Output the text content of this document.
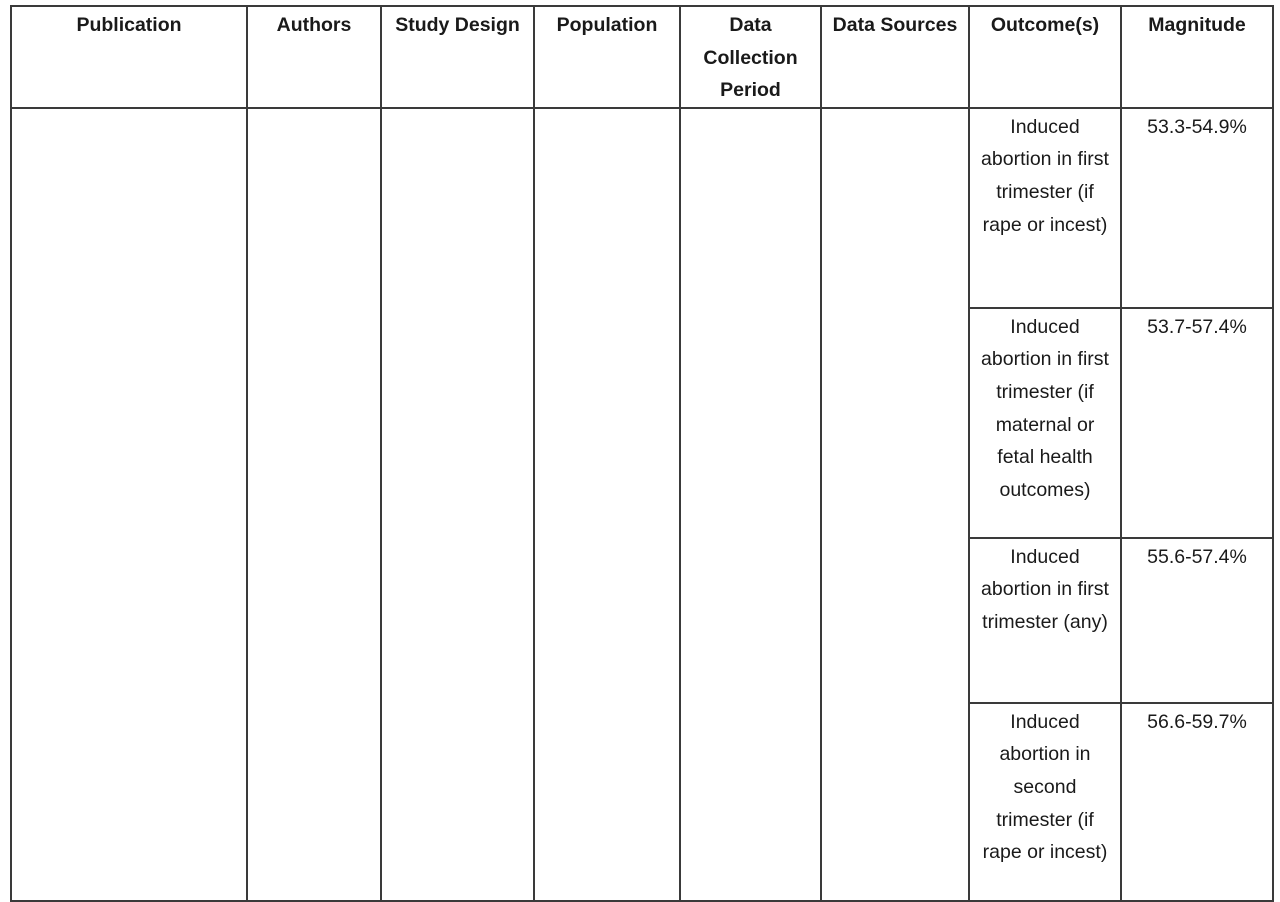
Publication	Authors	Study Design	Population	Data Collection Period	Data Sources	Outcome(s)	Magnitude
						Induced abortion in first trimester (if rape or incest)	53.3-54.9%
						Induced abortion in first trimester (if maternal or fetal health outcomes)	53.7-57.4%
						Induced abortion in first trimester (any)	55.6-57.4%
						Induced abortion in second trimester (if rape or incest)	56.6-59.7%
